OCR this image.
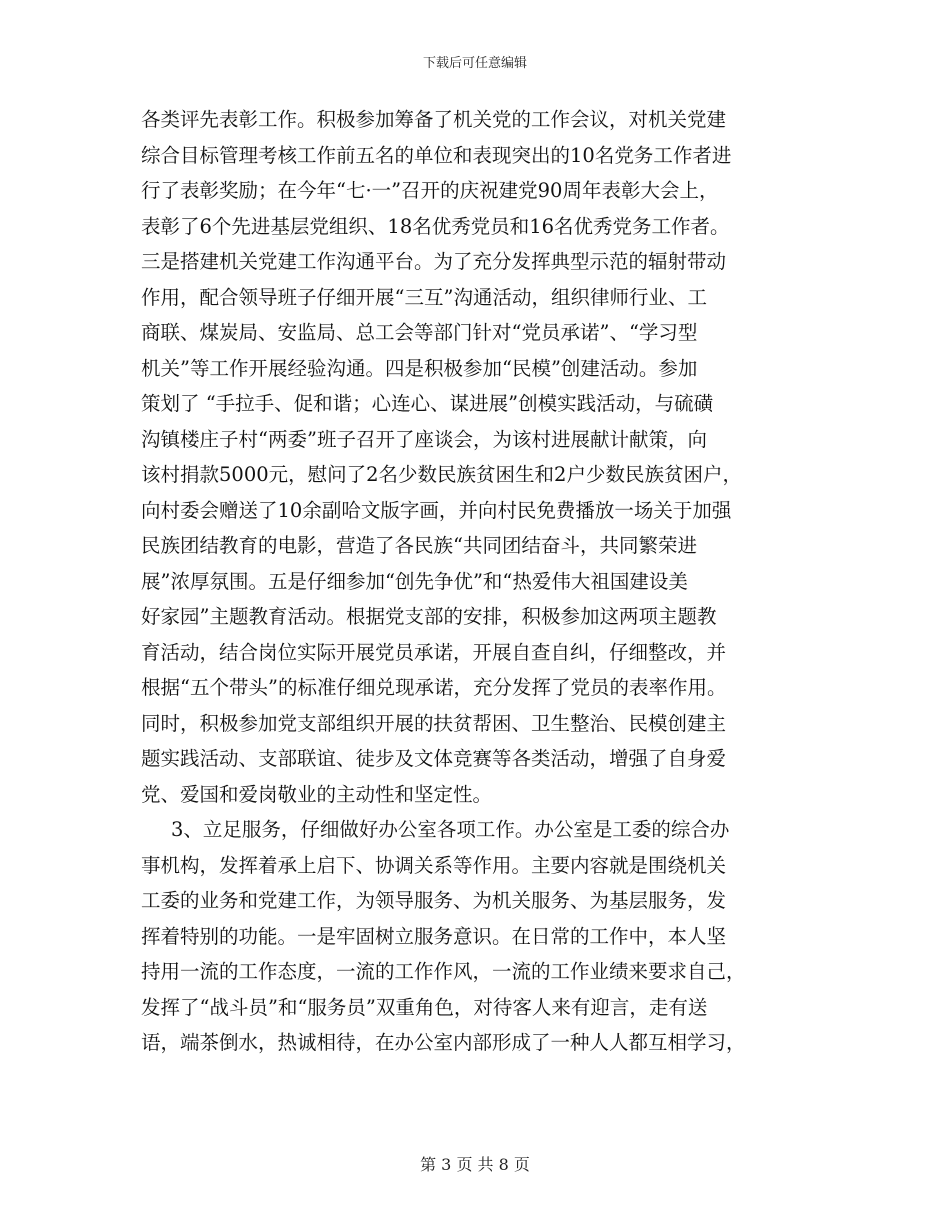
下载后可任意编辑
各类评先表彰工作。积极参加筹备了机关党的工作会议，对机关党建
综合目标管理考核工作前五名的单位和表现突出的10名党务工作者进
行了表彰奖励；在今年“七·一”召开的庆祝建党90周年表彰大会上，
表彰了6个先进基层党组织、18名优秀党员和16名优秀党务工作者。
三是搭建机关党建工作沟通平台。为了充分发挥典型示范的辐射带动
作用，配合领导班子仔细开展“三互”沟通活动，组织律师行业、工
商联、煤炭局、安监局、总工会等部门针对“党员承诺”、“学习型
机关”等工作开展经验沟通。四是积极参加“民模”创建活动。参加
策划了 “手拉手、促和谐；心连心、谋进展”创模实践活动，与硫磺
沟镇楼庄子村“两委”班子召开了座谈会，为该村进展献计献策，向
该村捐款5000元，慰问了2名少数民族贫困生和2户少数民族贫困户，
向村委会赠送了10余副哈文版字画，并向村民免费播放一场关于加强
民族团结教育的电影，营造了各民族“共同团结奋斗，共同繁荣进
展”浓厚氛围。五是仔细参加“创先争优”和“热爱伟大祖国建设美
好家园”主题教育活动。根据党支部的安排，积极参加这两项主题教
育活动，结合岗位实际开展党员承诺，开展自查自纠，仔细整改，并
根据“五个带头”的标准仔细兑现承诺，充分发挥了党员的表率作用。
同时，积极参加党支部组织开展的扶贫帮困、卫生整治、民模创建主
题实践活动、支部联谊、徒步及文体竞赛等各类活动，增强了自身爱
党、爱国和爱岗敬业的主动性和坚定性。
3、立足服务，仔细做好办公室各项工作。办公室是工委的综合办
事机构，发挥着承上启下、协调关系等作用。主要内容就是围绕机关
工委的业务和党建工作，为领导服务、为机关服务、为基层服务，发
挥着特别的功能。一是牢固树立服务意识。在日常的工作中，本人坚
持用一流的工作态度，一流的工作作风，一流的工作业绩来要求自己，
发挥了“战斗员”和“服务员”双重角色，对待客人来有迎言，走有送
语，端茶倒水，热诚相待，在办公室内部形成了一种人人都互相学习，
第 3 页 共 8 页
